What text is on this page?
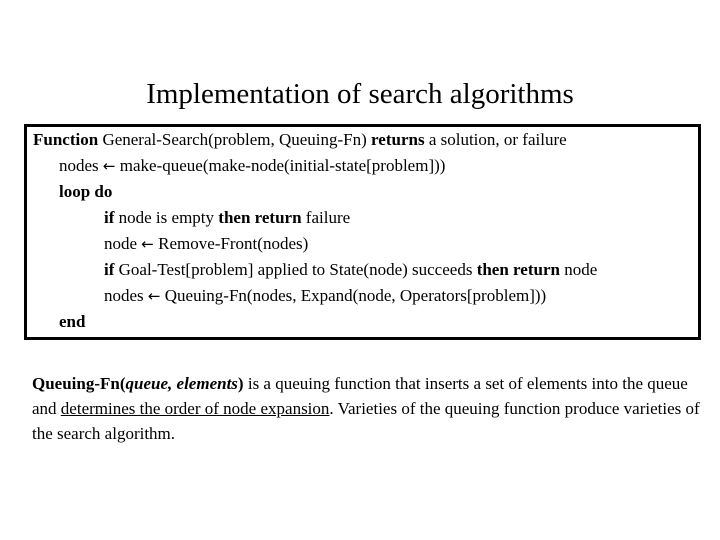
Implementation of search algorithms
Function General-Search(problem, Queuing-Fn) returns a solution, or failure
nodes ← make-queue(make-node(initial-state[problem]))
loop do
if node is empty then return failure
node ← Remove-Front(nodes)
if Goal-Test[problem] applied to State(node) succeeds then return node
nodes ← Queuing-Fn(nodes, Expand(node, Operators[problem]))
end
Queuing-Fn(queue, elements) is a queuing function that inserts a set of elements into the queue and determines the order of node expansion. Varieties of the queuing function produce varieties of the search algorithm.
